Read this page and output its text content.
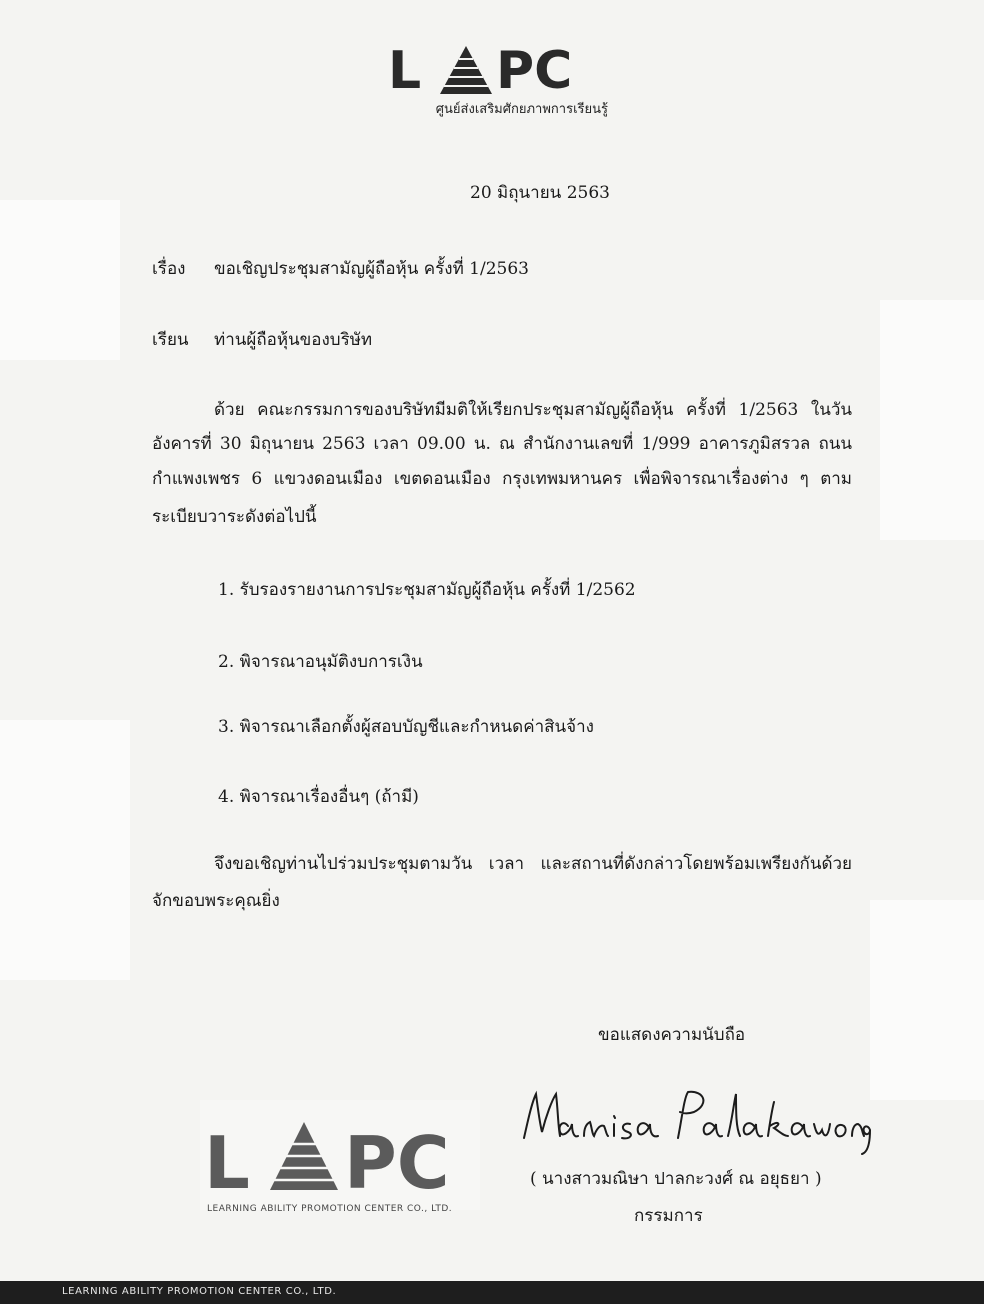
L PC
ศูนย์ส่งเสริมศักยภาพการเรียนรู้
20 มิถุนายน 2563
เรื่อง ขอเชิญประชุมสามัญผู้ถือหุ้น ครั้งที่ 1/2563
เรียน ท่านผู้ถือหุ้นของบริษัท
ด้วย คณะกรรมการของบริษัทมีมติให้เรียกประชุมสามัญผู้ถือหุ้น ครั้งที่ 1/2563 ในวัน
อังคารที่ 30 มิถุนายน 2563 เวลา 09.00 น. ณ สำนักงานเลขที่ 1/999 อาคารภูมิสรวล ถนน
กำแพงเพชร 6 แขวงดอนเมือง เขตดอนเมือง กรุงเทพมหานคร เพื่อพิจารณาเรื่องต่าง ๆ ตาม
ระเบียบวาระดังต่อไปนี้
1. รับรองรายงานการประชุมสามัญผู้ถือหุ้น ครั้งที่ 1/2562
2. พิจารณาอนุมัติงบการเงิน
3. พิจารณาเลือกตั้งผู้สอบบัญชีและกำหนดค่าสินจ้าง
4. พิจารณาเรื่องอื่นๆ (ถ้ามี)
จึงขอเชิญท่านไปร่วมประชุมตามวัน เวลา และสถานที่ดังกล่าวโดยพร้อมเพรียงกันด้วย
จักขอบพระคุณยิ่ง
ขอแสดงความนับถือ
Manisa Palakawongse
( นางสาวมณิษา ปาลกะวงศ์ ณ อยุธยา )
กรรมการ
L PC
LEARNING ABILITY PROMOTION CENTER CO., LTD.
LEARNING ABILITY PROMOTION CENTER CO., LTD.
